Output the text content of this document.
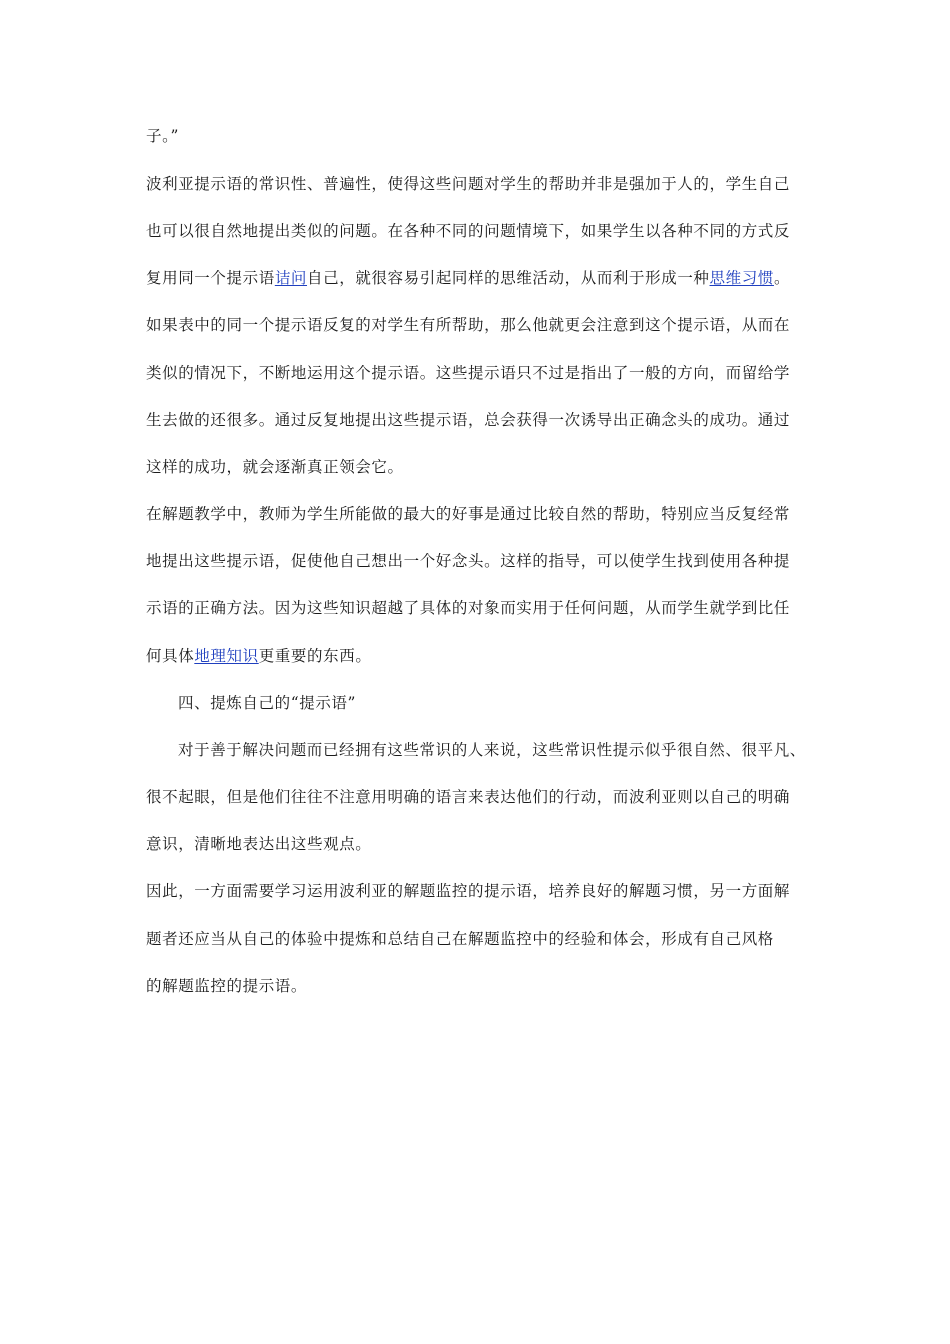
子。”
波利亚提示语的常识性、普遍性，使得这些问题对学生的帮助并非是强加于人的，学生自己
也可以很自然地提出类似的问题。在各种不同的问题情境下，如果学生以各种不同的方式反
复用同一个提示语诘问自己，就很容易引起同样的思维活动，从而利于形成一种思维习惯。
如果表中的同一个提示语反复的对学生有所帮助，那么他就更会注意到这个提示语，从而在
类似的情况下，不断地运用这个提示语。这些提示语只不过是指出了一般的方向，而留给学
生去做的还很多。通过反复地提出这些提示语，总会获得一次诱导出正确念头的成功。通过
这样的成功，就会逐渐真正领会它。
在解题教学中，教师为学生所能做的最大的好事是通过比较自然的帮助，特别应当反复经常
地提出这些提示语，促使他自己想出一个好念头。这样的指导，可以使学生找到使用各种提
示语的正确方法。因为这些知识超越了具体的对象而实用于任何问题，从而学生就学到比任
何具体地理知识更重要的东西。
四、提炼自己的“提示语”
对于善于解决问题而已经拥有这些常识的人来说，这些常识性提示似乎很自然、很平凡、
很不起眼，但是他们往往不注意用明确的语言来表达他们的行动，而波利亚则以自己的明确
意识，清晰地表达出这些观点。
因此，一方面需要学习运用波利亚的解题监控的提示语，培养良好的解题习惯，另一方面解
题者还应当从自己的体验中提炼和总结自己在解题监控中的经验和体会，形成有自己风格
的解题监控的提示语。
